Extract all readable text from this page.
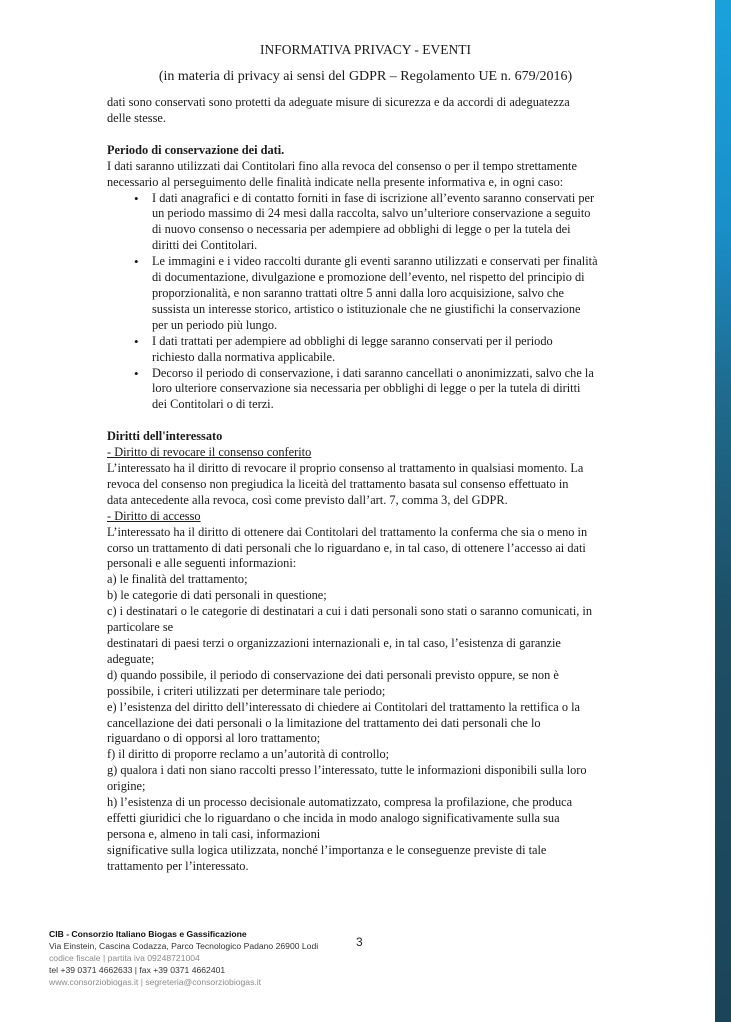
INFORMATIVA PRIVACY - EVENTI
(in materia di privacy ai sensi del GDPR – Regolamento UE n. 679/2016)

dati sono conservati sono protetti da adeguate misure di sicurezza e da accordi di adeguatezza

delle stesse.

Periodo di conservazione dei dati.

I dati saranno utilizzati dai Contitolari fino alla revoca del consenso o per il tempo strettamente

necessario al perseguimento delle finalità indicate nella presente informativa e, in ogni caso:

• I dati anagrafici e di contatto forniti in fase di iscrizione all’evento saranno conservati per
un periodo massimo di 24 mesi dalla raccolta, salvo un’ulteriore conservazione a seguito
di nuovo consenso o necessaria per adempiere ad obblighi di legge o per la tutela dei
diritti dei Contitolari.
• Le immagini e i video raccolti durante gli eventi saranno utilizzati e conservati per finalità
di documentazione, divulgazione e promozione dell’evento, nel rispetto del principio di
proporzionalità, e non saranno trattati oltre 5 anni dalla loro acquisizione, salvo che
sussista un interesse storico, artistico o istituzionale che ne giustifichi la conservazione
per un periodo più lungo.
• I dati trattati per adempiere ad obblighi di legge saranno conservati per il periodo
richiesto dalla normativa applicabile.
• Decorso il periodo di conservazione, i dati saranno cancellati o anonimizzati, salvo che la
loro ulteriore conservazione sia necessaria per obblighi di legge o per la tutela di diritti
dei Contitolari o di terzi.

Diritti dell'interessato

- Diritto di revocare il consenso conferito

L’interessato ha il diritto di revocare il proprio consenso al trattamento in qualsiasi momento. La

revoca del consenso non pregiudica la liceità del trattamento basata sul consenso effettuato in

data antecedente alla revoca, così come previsto dall’art. 7, comma 3, del GDPR.

- Diritto di accesso

L’interessato ha il diritto di ottenere dai Contitolari del trattamento la conferma che sia o meno in

corso un trattamento di dati personali che lo riguardano e, in tal caso, di ottenere l’accesso ai dati

personali e alle seguenti informazioni:

a) le finalità del trattamento;

b) le categorie di dati personali in questione;

c) i destinatari o le categorie di destinatari a cui i dati personali sono stati o saranno comunicati, in

particolare se

destinatari di paesi terzi o organizzazioni internazionali e, in tal caso, l’esistenza di garanzie

adeguate;

d) quando possibile, il periodo di conservazione dei dati personali previsto oppure, se non è

possibile, i criteri utilizzati per determinare tale periodo;

e) l’esistenza del diritto dell’interessato di chiedere ai Contitolari del trattamento la rettifica o la

cancellazione dei dati personali o la limitazione del trattamento dei dati personali che lo

riguardano o di opporsi al loro trattamento;

f) il diritto di proporre reclamo a un’autorità di controllo;

g) qualora i dati non siano raccolti presso l’interessato, tutte le informazioni disponibili sulla loro

origine;

h) l’esistenza di un processo decisionale automatizzato, compresa la profilazione, che produca

effetti giuridici che lo riguardano o che incida in modo analogo significativamente sulla sua

persona e, almeno in tali casi, informazioni

significative sulla logica utilizzata, nonché l’importanza e le conseguenze previste di tale

trattamento per l’interessato.

CIB - Consorzio Italiano Biogas e Gassificazione
Via Einstein, Cascina Codazza, Parco Tecnologico Padano 26900 Lodi
codice fiscale | partita iva 09248721004
tel +39 0371 4662633 | fax +39 0371 4662401
www.consorziobiogas.it | segreteria@consorziobiogas.it
3
